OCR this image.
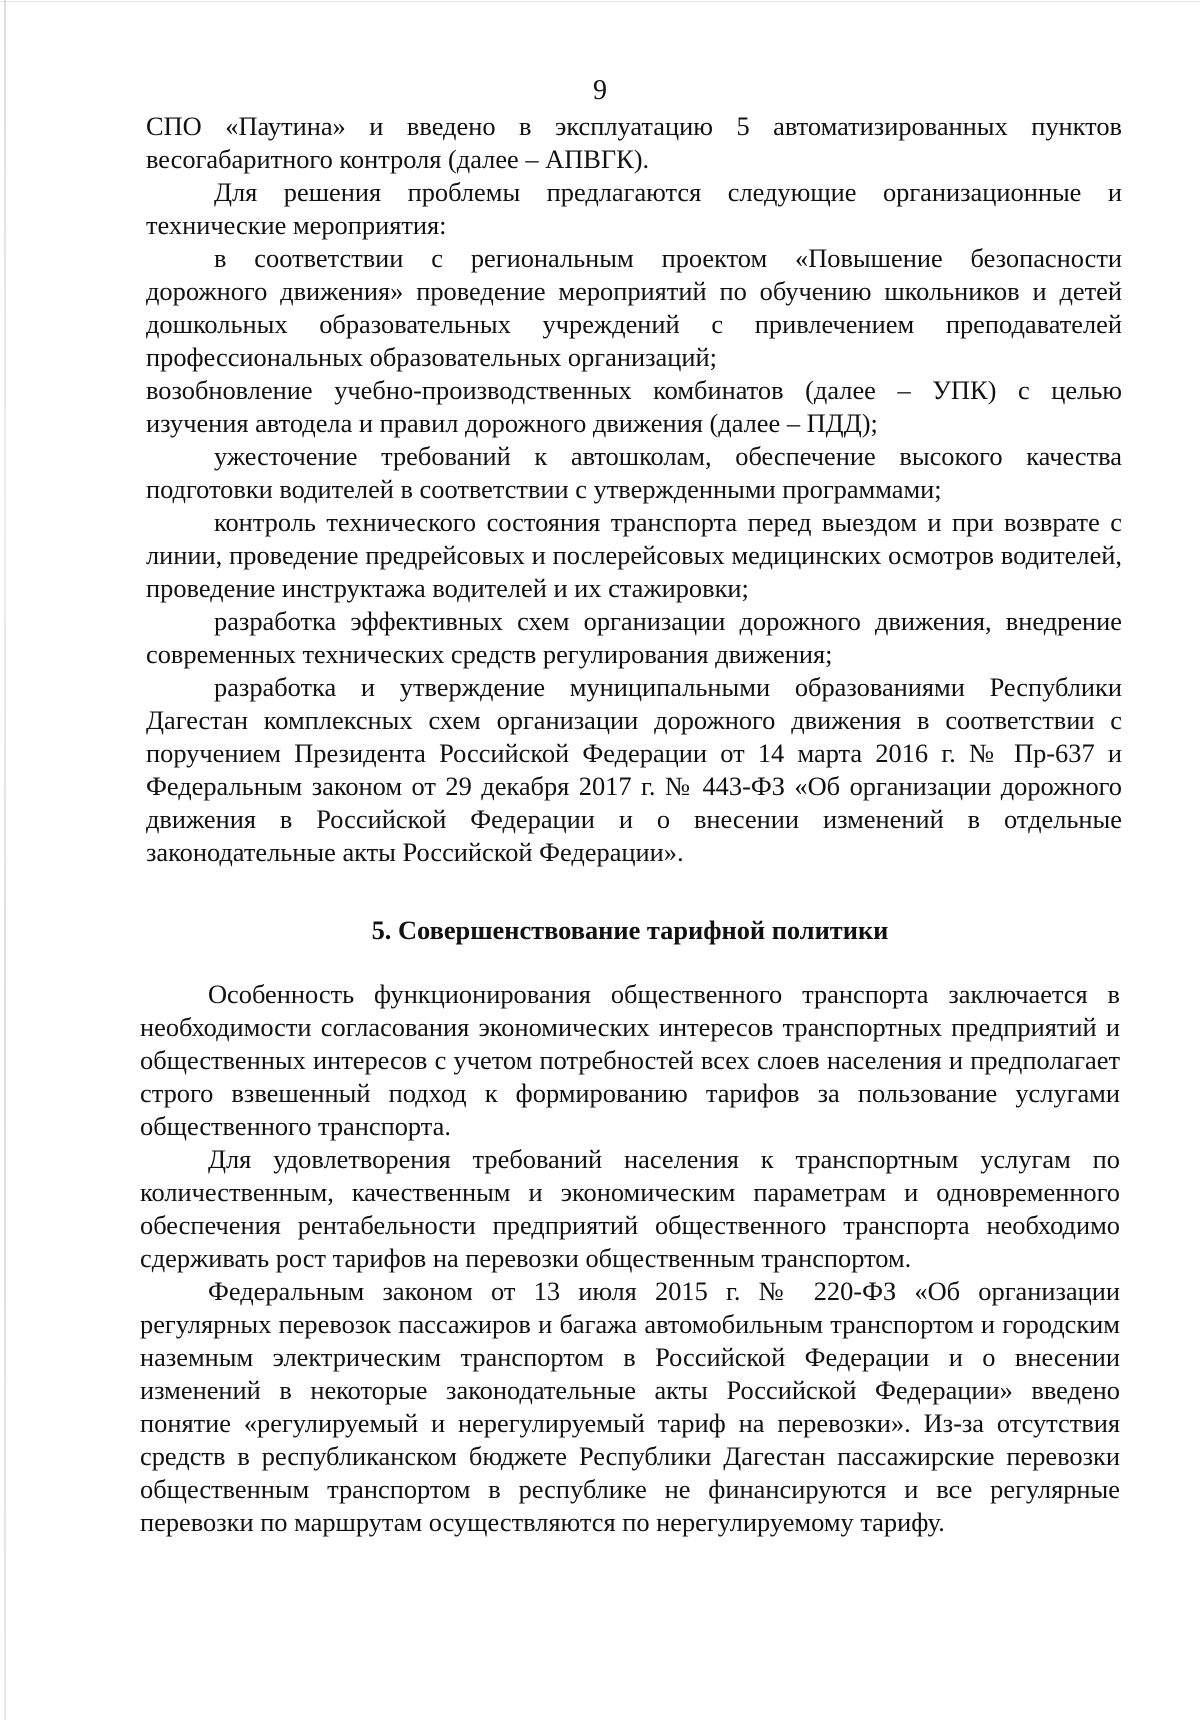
9

СПО «Паутина» и введено в эксплуатацию 5 автоматизированных пунктов весогабаритного контроля (далее – АПВГК).

Для решения проблемы предлагаются следующие организационные и технические мероприятия:

в соответствии с региональным проектом «Повышение безопасности дорожного движения» проведение мероприятий по обучению школьников и детей дошкольных образовательных учреждений с привлечением преподавателей профессиональных образовательных организаций;

возобновление учебно-производственных комбинатов (далее – УПК) с целью изучения автодела и правил дорожного движения (далее – ПДД);

ужесточение требований к автошколам, обеспечение высокого качества подготовки водителей в соответствии с утвержденными программами;

контроль технического состояния транспорта перед выездом и при возврате с линии, проведение предрейсовых и послерейсовых медицинских осмотров водителей, проведение инструктажа водителей и их стажировки;

разработка эффективных схем организации дорожного движения, внедрение современных технических средств регулирования движения;

разработка и утверждение муниципальными образованиями Республики Дагестан комплексных схем организации дорожного движения в соответствии с поручением Президента Российской Федерации от 14 марта 2016 г. № Пр-637 и Федеральным законом от 29 декабря 2017 г. № 443-ФЗ «Об организации дорожного движения в Российской Федерации и о внесении изменений в отдельные законодательные акты Российской Федерации».

5. Совершенствование тарифной политики

Особенность функционирования общественного транспорта заключается в необходимости согласования экономических интересов транспортных предприятий и общественных интересов с учетом потребностей всех слоев населения и предполагает строго взвешенный подход к формированию тарифов за пользование услугами общественного транспорта.

Для удовлетворения требований населения к транспортным услугам по количественным, качественным и экономическим параметрам и одновременного обеспечения рентабельности предприятий общественного транспорта необходимо сдерживать рост тарифов на перевозки общественным транспортом.

Федеральным законом от 13 июля 2015 г. № 220-ФЗ «Об организации регулярных перевозок пассажиров и багажа автомобильным транспортом и городским наземным электрическим транспортом в Российской Федерации и о внесении изменений в некоторые законодательные акты Российской Федерации» введено понятие «регулируемый и нерегулируемый тариф на перевозки». Из-за отсутствия средств в республиканском бюджете Республики Дагестан пассажирские перевозки общественным транспортом в республике не финансируются и все регулярные перевозки по маршрутам осуществляются по нерегулируемому тарифу.
